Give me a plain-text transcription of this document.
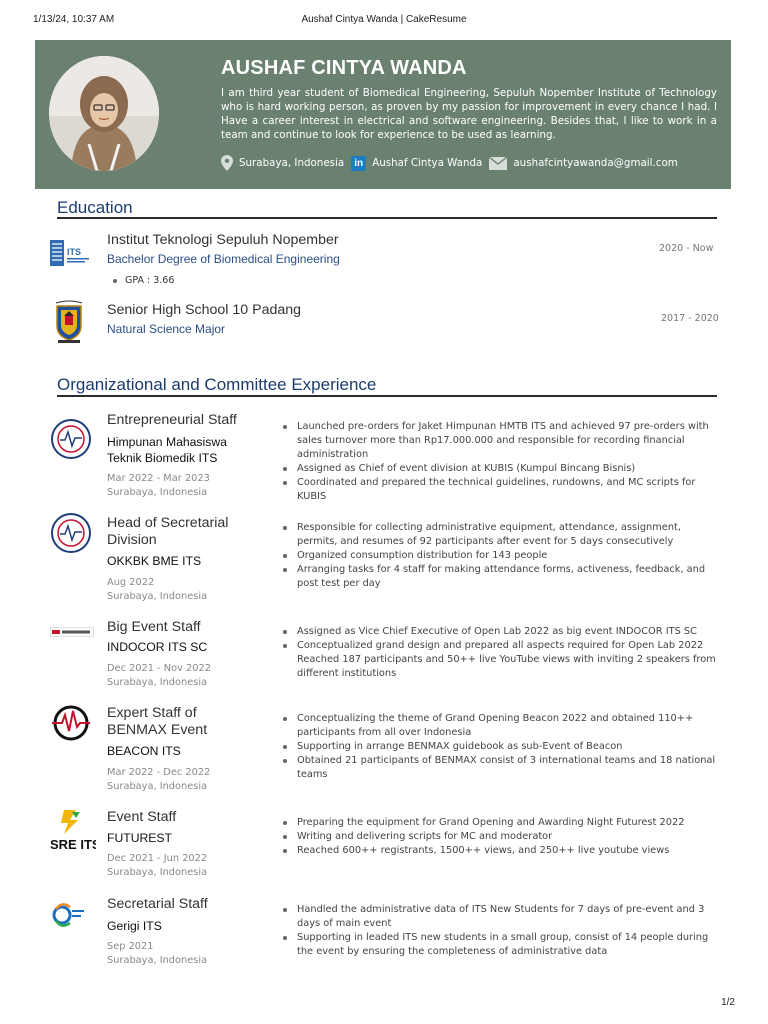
1/13/24, 10:37 AM	Aushaf Cintya Wanda | CakeResume
AUSHAF CINTYA WANDA
I am third year student of Biomedical Engineering, Sepuluh Nopember Institute of Technology who is hard working person, as proven by my passion for improvement in every chance I had. I Have a career interest in electrical and software engineering. Besides that, I like to work in a team and continue to look for experience to be used as learning.
Surabaya, Indonesia	in Aushaf Cintya Wanda	aushafcintyawanda@gmail.com
Education
ITS
Institut Teknologi Sepuluh Nopember
Bachelor Degree of Biomedical Engineering
GPA : 3.66
2020 - Now
Senior High School 10 Padang
Natural Science Major
2017 - 2020
Organizational and Committee Experience
Entrepreneurial Staff
Himpunan Mahasiswa
Teknik Biomedik ITS
Mar 2022 - Mar 2023
Surabaya, Indonesia
Launched pre-orders for Jaket Himpunan HMTB ITS and achieved 97 pre-orders with sales turnover more than Rp17.000.000 and responsible for recording financial administration
Assigned as Chief of event division at KUBIS (Kumpul Bincang Bisnis)
Coordinated and prepared the technical guidelines, rundowns, and MC scripts for KUBIS
Head of Secretarial
Division
OKKBK BME ITS
Aug 2022
Surabaya, Indonesia
Responsible for collecting administrative equipment, attendance, assignment, permits, and resumes of 92 participants after event for 5 days consecutively
Organized consumption distribution for 143 people
Arranging tasks for 4 staff for making attendance forms, activeness, feedback, and post test per day
Big Event Staff
INDOCOR ITS SC
Dec 2021 - Nov 2022
Surabaya, Indonesia
Assigned as Vice Chief Executive of Open Lab 2022 as big event INDOCOR ITS SC
Conceptualized grand design and prepared all aspects required for Open Lab 2022 Reached 187 participants and 50++ live YouTube views with inviting 2 speakers from different institutions
Expert Staff of
BENMAX Event
BEACON ITS
Mar 2022 - Dec 2022
Surabaya, Indonesia
Conceptualizing the theme of Grand Opening Beacon 2022 and obtained 110++ participants from all over Indonesia
Supporting in arrange BENMAX guidebook as sub-Event of Beacon
Obtained 21 participants of BENMAX consist of 3 international teams and 18 national teams
SRE ITS
Event Staff
FUTUREST
Dec 2021 - Jun 2022
Surabaya, Indonesia
Preparing the equipment for Grand Opening and Awarding Night Futurest 2022
Writing and delivering scripts for MC and moderator
Reached 600++ registrants, 1500++ views, and 250++ live youtube views
Secretarial Staff
Gerigi ITS
Sep 2021
Surabaya, Indonesia
Handled the administrative data of ITS New Students for 7 days of pre-event and 3 days of main event
Supporting in leaded ITS new students in a small group, consist of 14 people during the event by ensuring the completeness of administrative data
1/2
